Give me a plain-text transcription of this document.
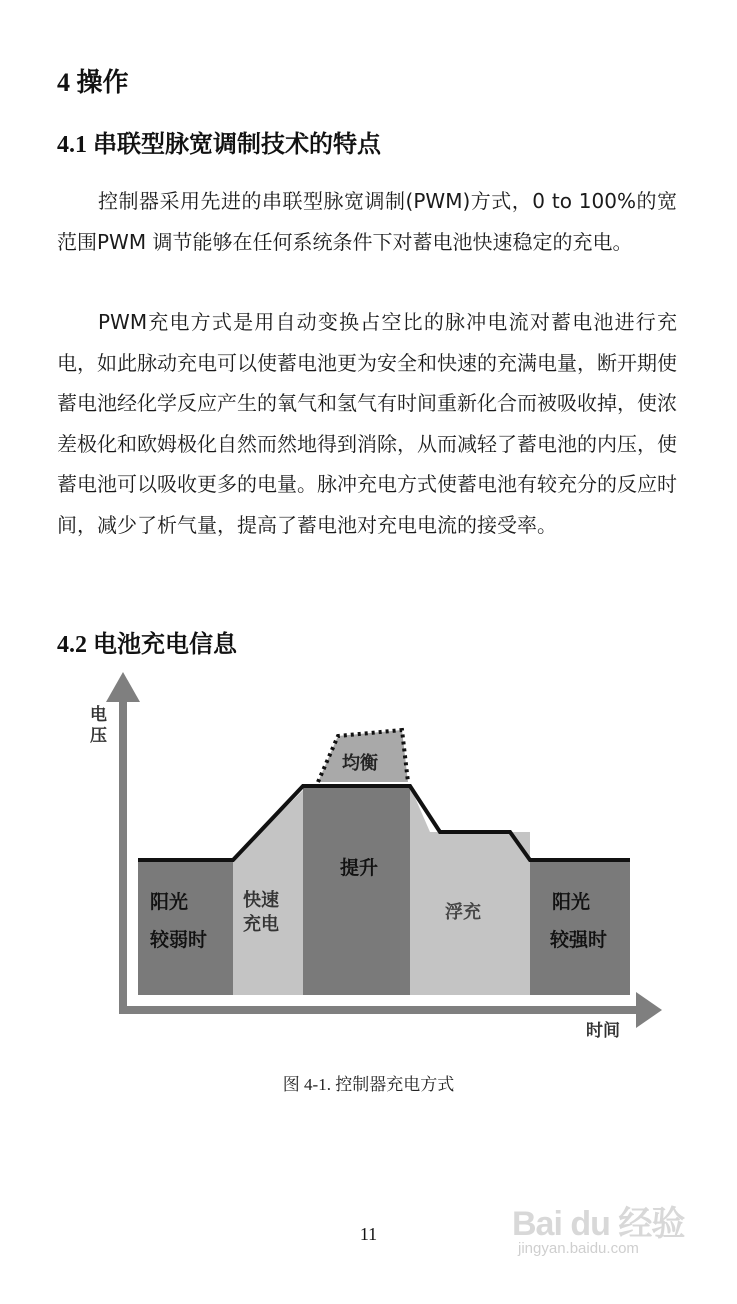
4 操作
4.1 串联型脉宽调制技术的特点

控制器采用先进的串联型脉宽调制(PWM)方式，0 to 100%的宽范围PWM 调节能够在任何系统条件下对蓄电池快速稳定的充电。

PWM充电方式是用自动变换占空比的脉冲电流对蓄电池进行充电，如此脉动充电可以使蓄电池更为安全和快速的充满电量，断开期使蓄电池经化学反应产生的氧气和氢气有时间重新化合而被吸收掉，使浓差极化和欧姆极化自然而然地得到消除，从而减轻了蓄电池的内压，使蓄电池可以吸收更多的电量。脉冲充电方式使蓄电池有较充分的反应时间，减少了析气量，提高了蓄电池对充电电流的接受率。

4.2 电池充电信息
电
压
时间
阳光
较弱时
快速
充电
提升
浮充	阳光
较强时
均衡
图 4-1. 控制器充电方式
11	Bai du 经验
jingyan.baidu.com
